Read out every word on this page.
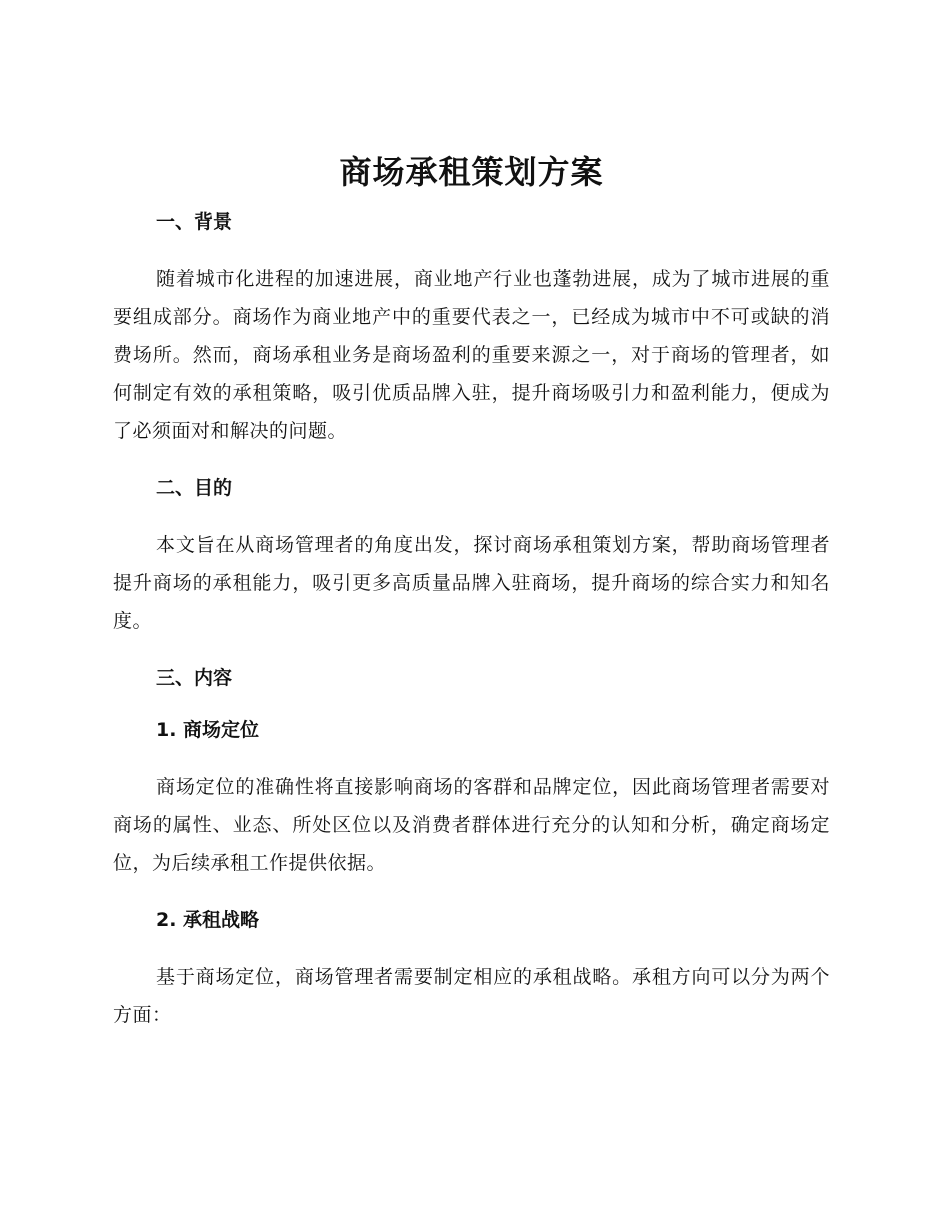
商场承租策划方案
一、背景

随着城市化进程的加速进展，商业地产行业也蓬勃进展，成为了城市进展的重要组成部分。商场作为商业地产中的重要代表之一，已经成为城市中不可或缺的消费场所。然而，商场承租业务是商场盈利的重要来源之一，对于商场的管理者，如何制定有效的承租策略，吸引优质品牌入驻，提升商场吸引力和盈利能力，便成为了必须面对和解决的问题。

二、目的

本文旨在从商场管理者的角度出发，探讨商场承租策划方案，帮助商场管理者提升商场的承租能力，吸引更多高质量品牌入驻商场，提升商场的综合实力和知名度。

三、内容
1. 商场定位

商场定位的准确性将直接影响商场的客群和品牌定位，因此商场管理者需要对商场的属性、业态、所处区位以及消费者群体进行充分的认知和分析，确定商场定位，为后续承租工作提供依据。

2. 承租战略

基于商场定位，商场管理者需要制定相应的承租战略。承租方向可以分为两个方面：
